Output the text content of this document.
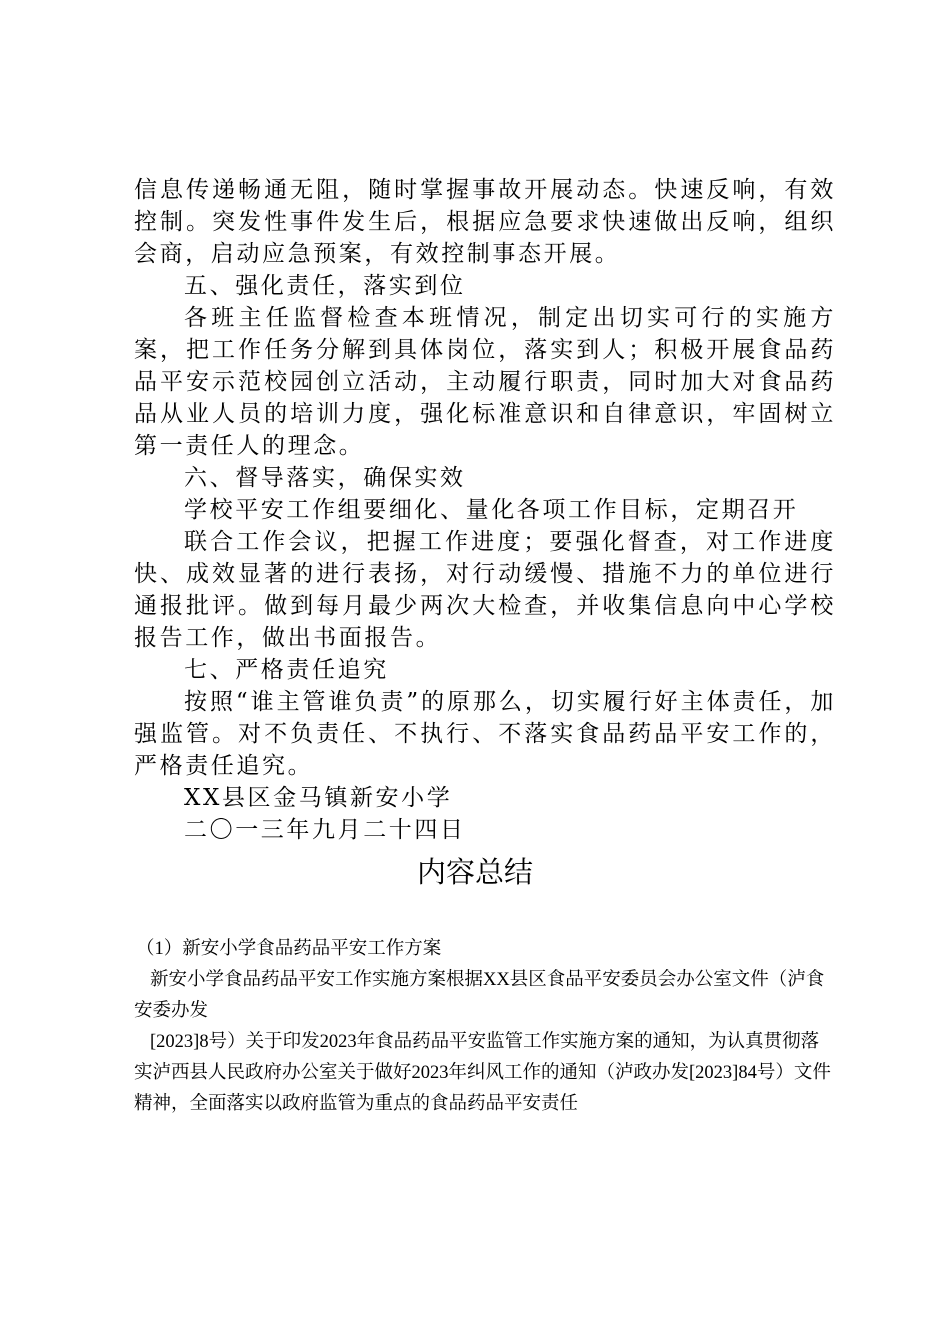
信息传递畅通无阻，随时掌握事故开展动态。快速反响，有效控制。突发性事件发生后，根据应急要求快速做出反响，组织会商，启动应急预案，有效控制事态开展。

五、强化责任，落实到位

各班主任监督检查本班情况，制定出切实可行的实施方案，把工作任务分解到具体岗位，落实到人；积极开展食品药品平安示范校园创立活动，主动履行职责，同时加大对食品药品从业人员的培训力度，强化标准意识和自律意识，牢固树立第一责任人的理念。

六、督导落实，确保实效

学校平安工作组要细化、量化各项工作目标，定期召开

联合工作会议，把握工作进度；要强化督查，对工作进度快、成效显著的进行表扬，对行动缓慢、措施不力的单位进行通报批评。做到每月最少两次大检查，并收集信息向中心学校报告工作，做出书面报告。

七、严格责任追究

按照“谁主管谁负责”的原那么，切实履行好主体责任，加强监管。对不负责任、不执行、不落实食品药品平安工作的，严格责任追究。

XX县区金马镇新安小学

二〇一三年九月二十四日

内容总结

（1）新安小学食品药品平安工作方案

新安小学食品药品平安工作实施方案根据XX县区食品平安委员会办公室文件（泸食安委办发

[2023]8号）关于印发2023年食品药品平安监管工作实施方案的通知，为认真贯彻落实泸西县人民政府办公室关于做好2023年纠风工作的通知（泸政办发[2023]84号）文件精神，全面落实以政府监管为重点的食品药品平安责任
